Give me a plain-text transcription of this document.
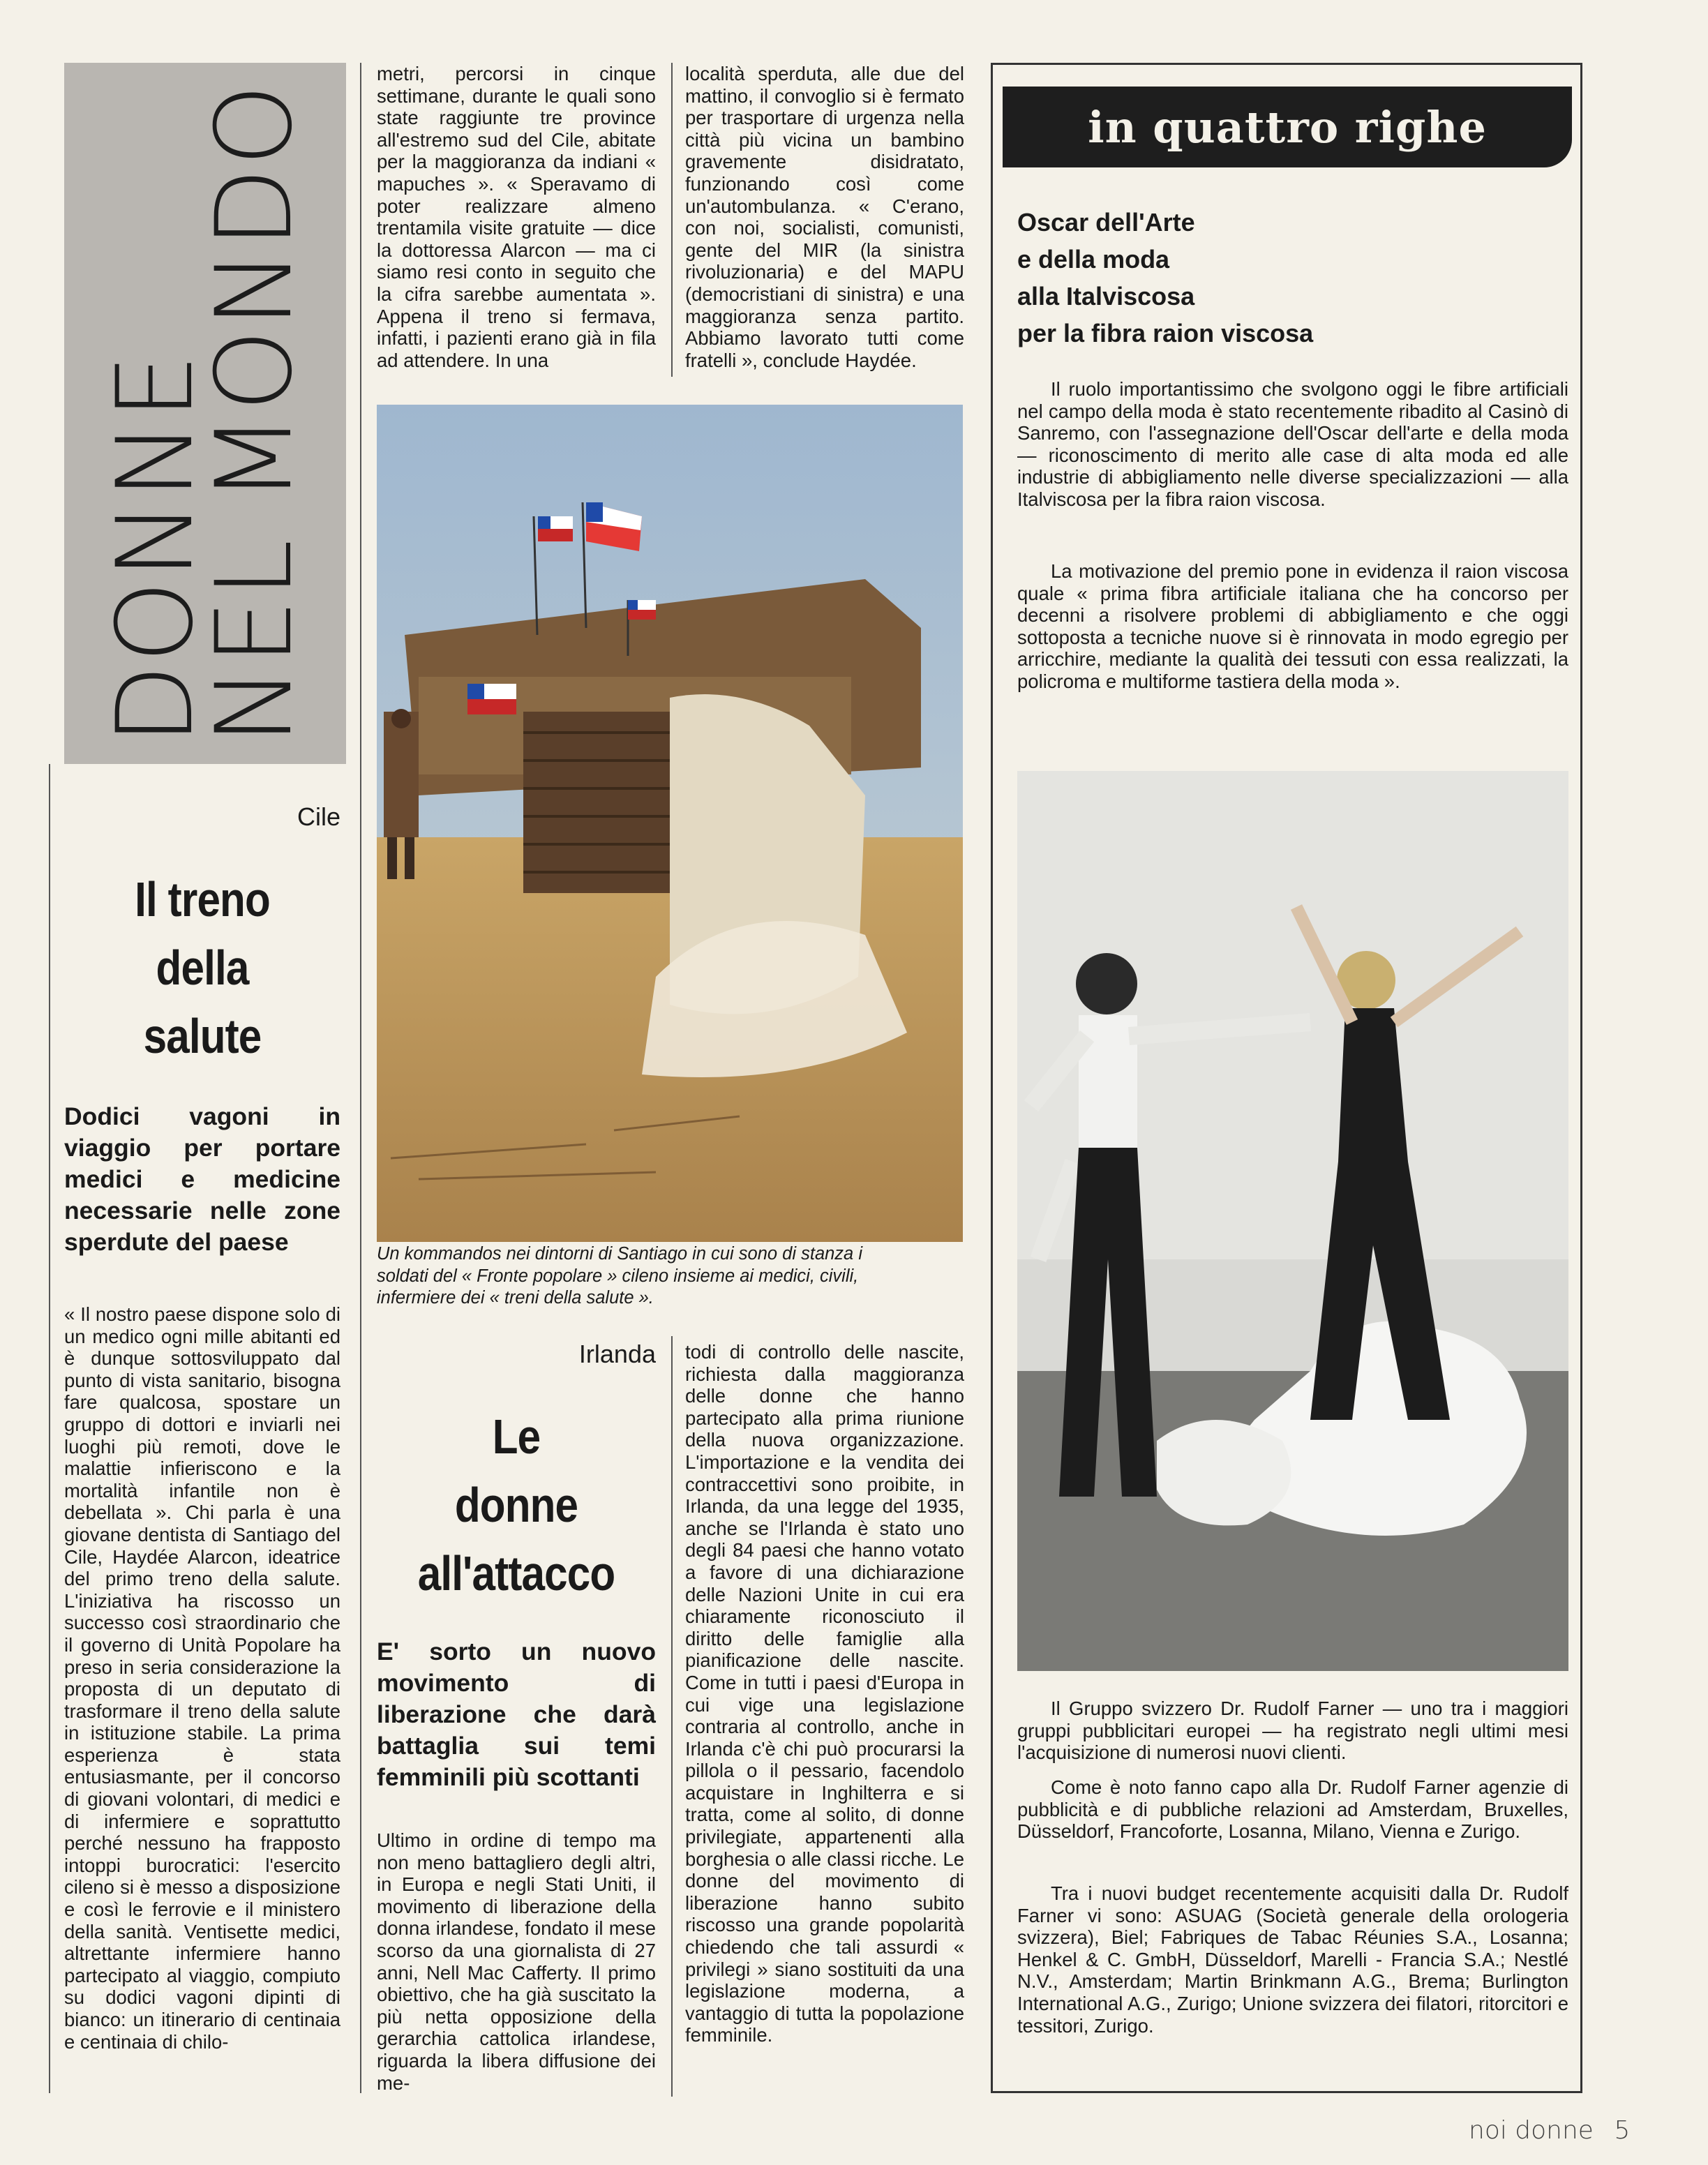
DONNE
NEL MONDO
Cile
Il treno
della
salute
Dodici vagoni in viaggio per portare medici e medicine necessarie nelle zone sperdute del paese
« Il nostro paese dispone solo di un medico ogni mille abitanti ed è dunque sottosviluppato dal punto di vista sanitario, bisogna fare qualcosa, spostare un gruppo di dottori e inviarli nei luoghi più remoti, dove le malattie infieriscono e la mortalità infantile non è debellata ». Chi parla è una giovane dentista di Santiago del Cile, Haydée Alarcon, ideatrice del primo treno della salute. L'iniziativa ha riscosso un successo così straordinario che il governo di Unità Popolare ha preso in seria considerazione la proposta di un deputato di trasformare il treno della salute in istituzione stabile. La prima esperienza è stata entusiasmante, per il concorso di giovani volontari, di medici e di infermiere e soprattutto perché nessuno ha frapposto intoppi burocratici: l'esercito cileno si è messo a disposizione e così le ferrovie e il ministero della sanità. Ventisette medici, altrettante infermiere hanno partecipato al viaggio, compiuto su dodici vagoni dipinti di bianco: un itinerario di centinaia e centinaia di chilo-
metri, percorsi in cinque settimane, durante le quali sono state raggiunte tre province all'estremo sud del Cile, abitate per la maggioranza da indiani « mapuches ». « Speravamo di poter realizzare almeno trentamila visite gratuite — dice la dottoressa Alarcon — ma ci siamo resi conto in seguito che la cifra sarebbe aumentata ». Appena il treno si fermava, infatti, i pazienti erano già in fila ad attendere. In una
località sperduta, alle due del mattino, il convoglio si è fermato per trasportare di urgenza nella città più vicina un bambino gravemente disidratato, funzionando così come un'autombulanza. « C'erano, con noi, socialisti, comunisti, gente del MIR (la sinistra rivoluzionaria) e del MAPU (democristiani di sinistra) e una maggioranza senza partito. Abbiamo lavorato tutti come fratelli », conclude Haydée.
Un kommandos nei dintorni di Santiago in cui sono di stanza i soldati del « Fronte popolare » cileno insieme ai medici, civili, infermiere dei « treni della salute ».
Irlanda
Le
donne
all'attacco
E' sorto un nuovo movimento di liberazione che darà battaglia sui temi femminili più scottanti
Ultimo in ordine di tempo ma non meno battagliero degli altri, in Europa e negli Stati Uniti, il movimento di liberazione della donna irlandese, fondato il mese scorso da una giornalista di 27 anni, Nell Mac Cafferty. Il primo obiettivo, che ha già suscitato la più netta opposizione della gerarchia cattolica irlandese, riguarda la libera diffusione dei me-
todi di controllo delle nascite, richiesta dalla maggioranza delle donne che hanno partecipato alla prima riunione della nuova organizzazione. L'importazione e la vendita dei contraccettivi sono proibite, in Irlanda, da una legge del 1935, anche se l'Irlanda è stato uno degli 84 paesi che hanno votato a favore di una dichiarazione delle Nazioni Unite in cui era chiaramente riconosciuto il diritto delle famiglie alla pianificazione delle nascite. Come in tutti i paesi d'Europa in cui vige una legislazione contraria al controllo, anche in Irlanda c'è chi può procurarsi la pillola o il pessario, facendolo acquistare in Inghilterra e si tratta, come al solito, di donne privilegiate, appartenenti alla borghesia o alle classi ricche. Le donne del movimento di liberazione hanno subito riscosso una grande popolarità chiedendo che tali assurdi « privilegi » siano sostituiti da una legislazione moderna, a vantaggio di tutta la popolazione femminile.
in quattro righe
Oscar dell'Arte
e della moda
alla Italviscosa
per la fibra raion viscosa
Il ruolo importantissimo che svolgono oggi le fibre artificiali nel campo della moda è stato recentemente ribadito al Casinò di Sanremo, con l'assegnazione dell'Oscar dell'arte e della moda — riconoscimento di merito alle case di alta moda ed alle industrie di abbigliamento nelle diverse specializzazioni — alla Italviscosa per la fibra raion viscosa.
La motivazione del premio pone in evidenza il raion viscosa quale « prima fibra artificiale italiana che ha concorso per decenni a risolvere problemi di abbigliamento e che oggi sottoposta a tecniche nuove si è rinnovata in modo egregio per arricchire, mediante la qualità dei tessuti con essa realizzati, la policroma e multiforme tastiera della moda ».
Il Gruppo svizzero Dr. Rudolf Farner — uno tra i maggiori gruppi pubblicitari europei — ha registrato negli ultimi mesi l'acquisizione di numerosi nuovi clienti.
Come è noto fanno capo alla Dr. Rudolf Farner agenzie di pubblicità e di pubbliche relazioni ad Amsterdam, Bruxelles, Düsseldorf, Francoforte, Losanna, Milano, Vienna e Zurigo.
Tra i nuovi budget recentemente acquisiti dalla Dr. Rudolf Farner vi sono: ASUAG (Società generale della orologeria svizzera), Biel; Fabriques de Tabac Réunies S.A., Losanna; Henkel & C. GmbH, Düsseldorf, Marelli - Francia S.A.; Nestlé N.V., Amsterdam; Martin Brinkmann A.G., Brema; Burlington International A.G., Zurigo; Unione svizzera dei filatori, ritorcitori e tessitori, Zurigo.
noi donne 5
